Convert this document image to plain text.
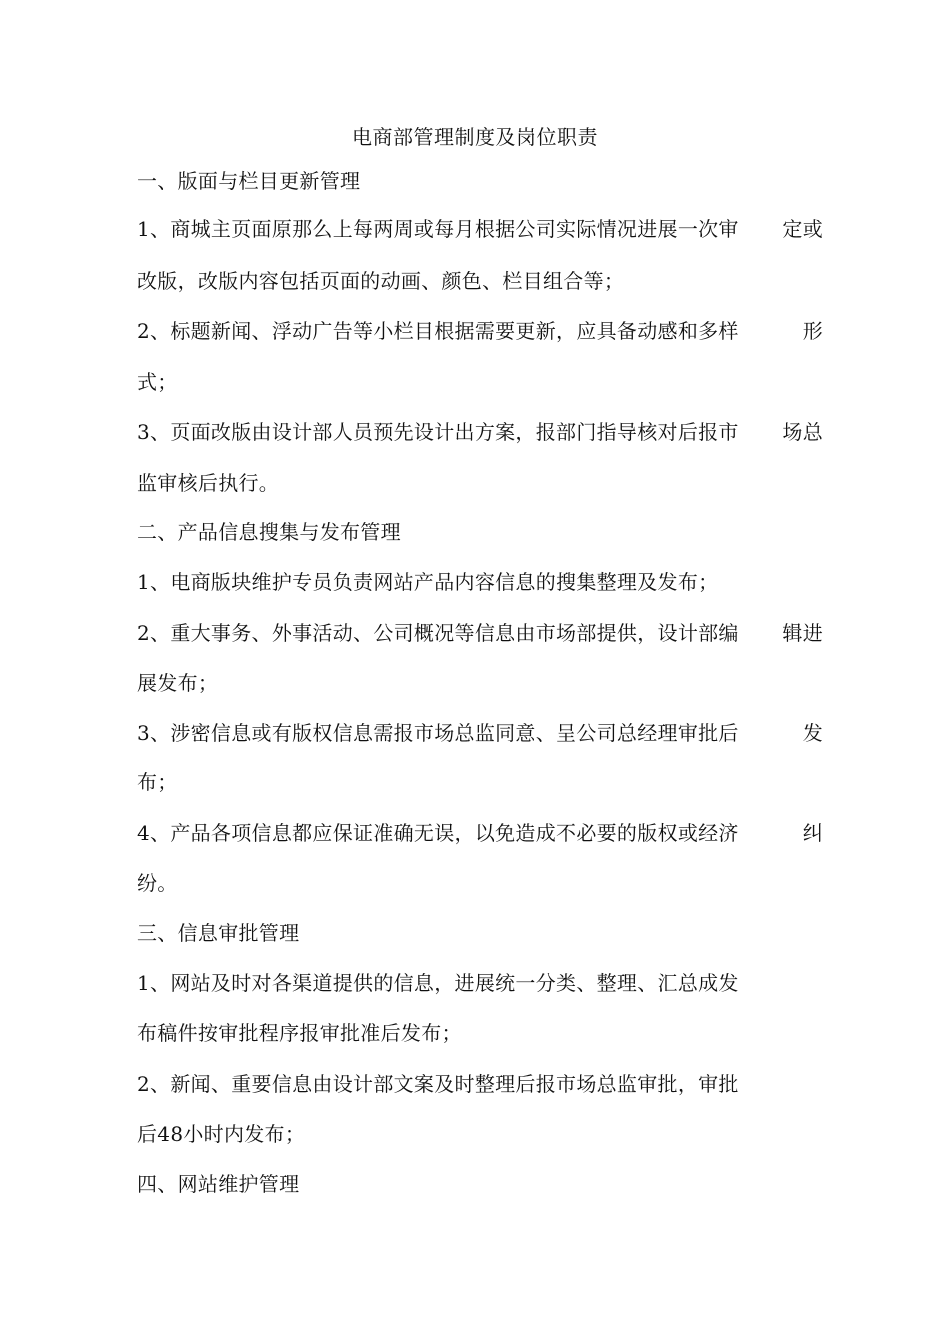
电商部管理制度及岗位职责
一、版面与栏目更新管理
1、商城主页面原那么上每两周或每月根据公司实际情况进展一次审 定或
改版，改版内容包括页面的动画、颜色、栏目组合等；
2、标题新闻、浮动广告等小栏目根据需要更新，应具备动感和多样	形
式；
3、页面改版由设计部人员预先设计出方案，报部门指导核对后报市 场总
监审核后执行。
二、产品信息搜集与发布管理
1、电商版块维护专员负责网站产品内容信息的搜集整理及发布；
2、重大事务、外事活动、公司概况等信息由市场部提供，设计部编 辑进
展发布；
3、涉密信息或有版权信息需报市场总监同意、呈公司总经理审批后	发
布；
4、产品各项信息都应保证准确无误，以免造成不必要的版权或经济	纠
纷。
三、信息审批管理
1、网站及时对各渠道提供的信息，进展统一分类、整理、汇总成发
布稿件按审批程序报审批准后发布；
2、新闻、重要信息由设计部文案及时整理后报市场总监审批，审批
后48小时内发布；
四、网站维护管理
